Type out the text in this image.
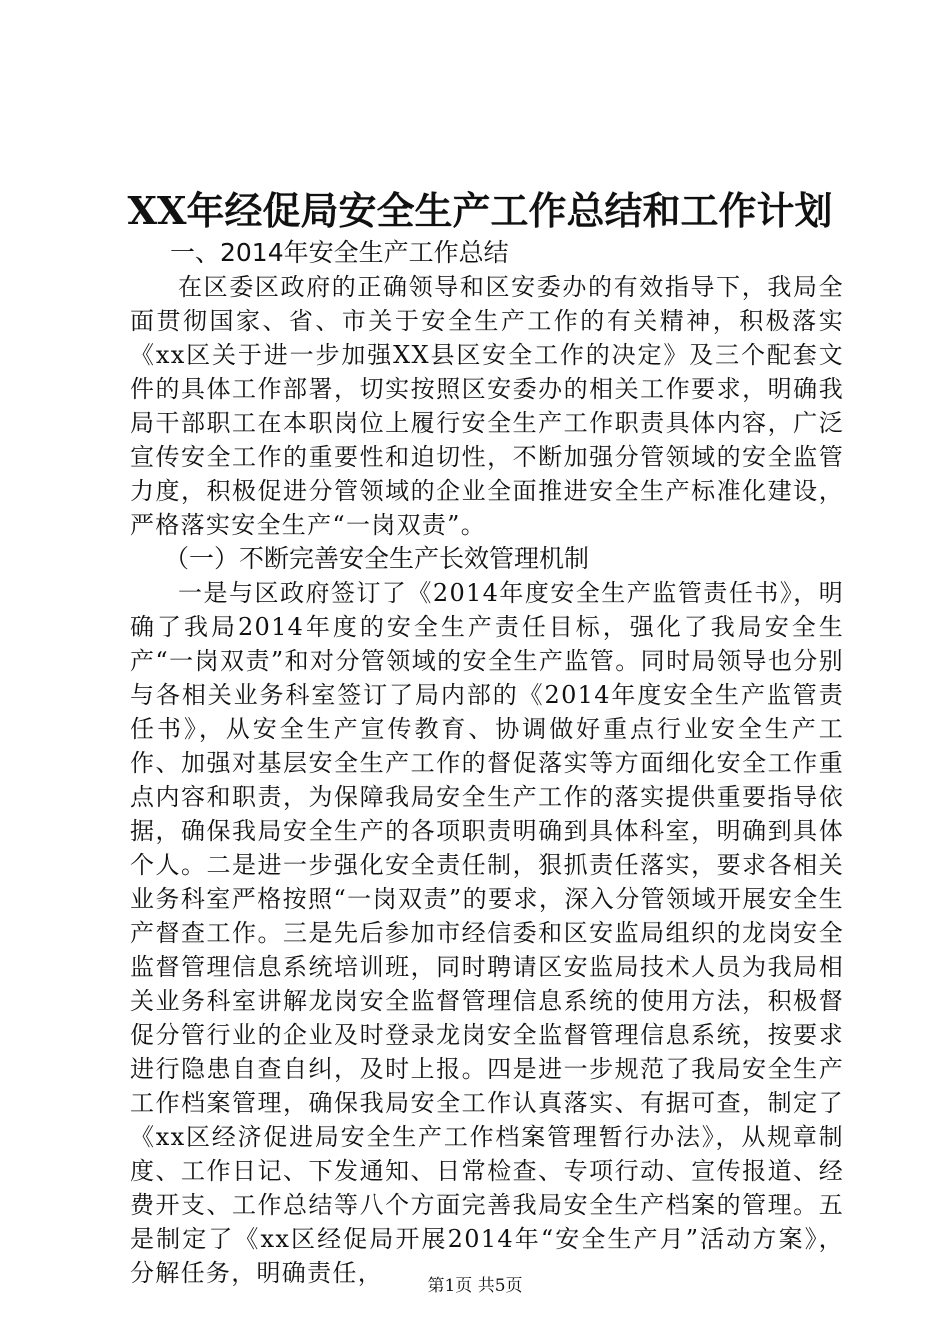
XX年经促局安全生产工作总结和工作计划

一、2014年安全生产工作总结

在区委区政府的正确领导和区安委办的有效指导下，我局全面贯彻国家、省、市关于安全生产工作的有关精神，积极落实《xx区关于进一步加强XX县区安全工作的决定》及三个配套文件的具体工作部署，切实按照区安委办的相关工作要求，明确我局干部职工在本职岗位上履行安全生产工作职责具体内容，广泛宣传安全工作的重要性和迫切性，不断加强分管领域的安全监管力度，积极促进分管领域的企业全面推进安全生产标准化建设，严格落实安全生产“一岗双责”。

（一）不断完善安全生产长效管理机制

一是与区政府签订了《2014年度安全生产监管责任书》，明确了我局2014年度的安全生产责任目标，强化了我局安全生产“一岗双责”和对分管领域的安全生产监管。同时局领导也分别与各相关业务科室签订了局内部的《2014年度安全生产监管责任书》，从安全生产宣传教育、协调做好重点行业安全生产工作、加强对基层安全生产工作的督促落实等方面细化安全工作重点内容和职责，为保障我局安全生产工作的落实提供重要指导依据，确保我局安全生产的各项职责明确到具体科室，明确到具体个人。二是进一步强化安全责任制，狠抓责任落实，要求各相关业务科室严格按照“一岗双责”的要求，深入分管领域开展安全生产督查工作。三是先后参加市经信委和区安监局组织的龙岗安全监督管理信息系统培训班，同时聘请区安监局技术人员为我局相关业务科室讲解龙岗安全监督管理信息系统的使用方法，积极督促分管行业的企业及时登录龙岗安全监督管理信息系统，按要求进行隐患自查自纠，及时上报。四是进一步规范了我局安全生产工作档案管理，确保我局安全工作认真落实、有据可查，制定了《xx区经济促进局安全生产工作档案管理暂行办法》，从规章制度、工作日记、下发通知、日常检查、专项行动、宣传报道、经费开支、工作总结等八个方面完善我局安全生产档案的管理。五是制定了《xx区经促局开展2014年“安全生产月”活动方案》，分解任务，明确责任，	第1页 共5页
